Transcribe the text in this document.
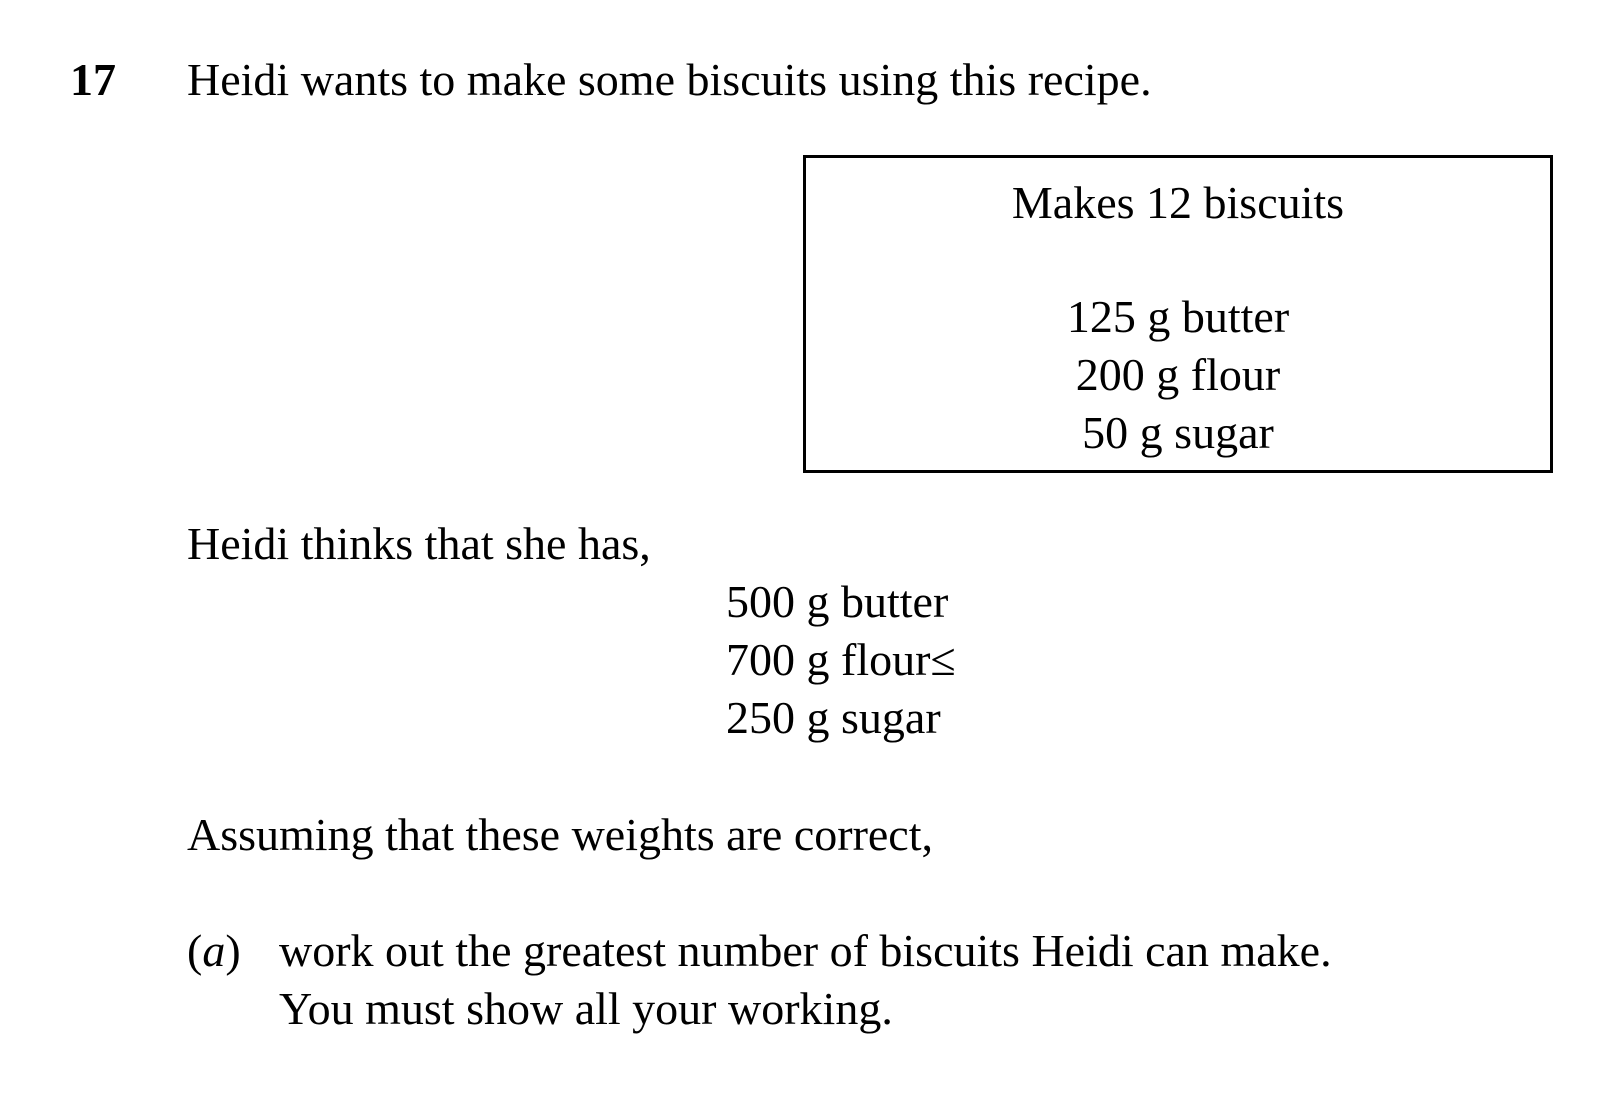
17 Heidi wants to make some biscuits using this recipe.
Makes 12 biscuits
125 g butter
200 g flour
50 g sugar
Heidi thinks that she has,
500 g butter
700 g flour≤
250 g sugar
Assuming that these weights are correct,
(a) work out the greatest number of biscuits Heidi can make.
You must show all your working.
